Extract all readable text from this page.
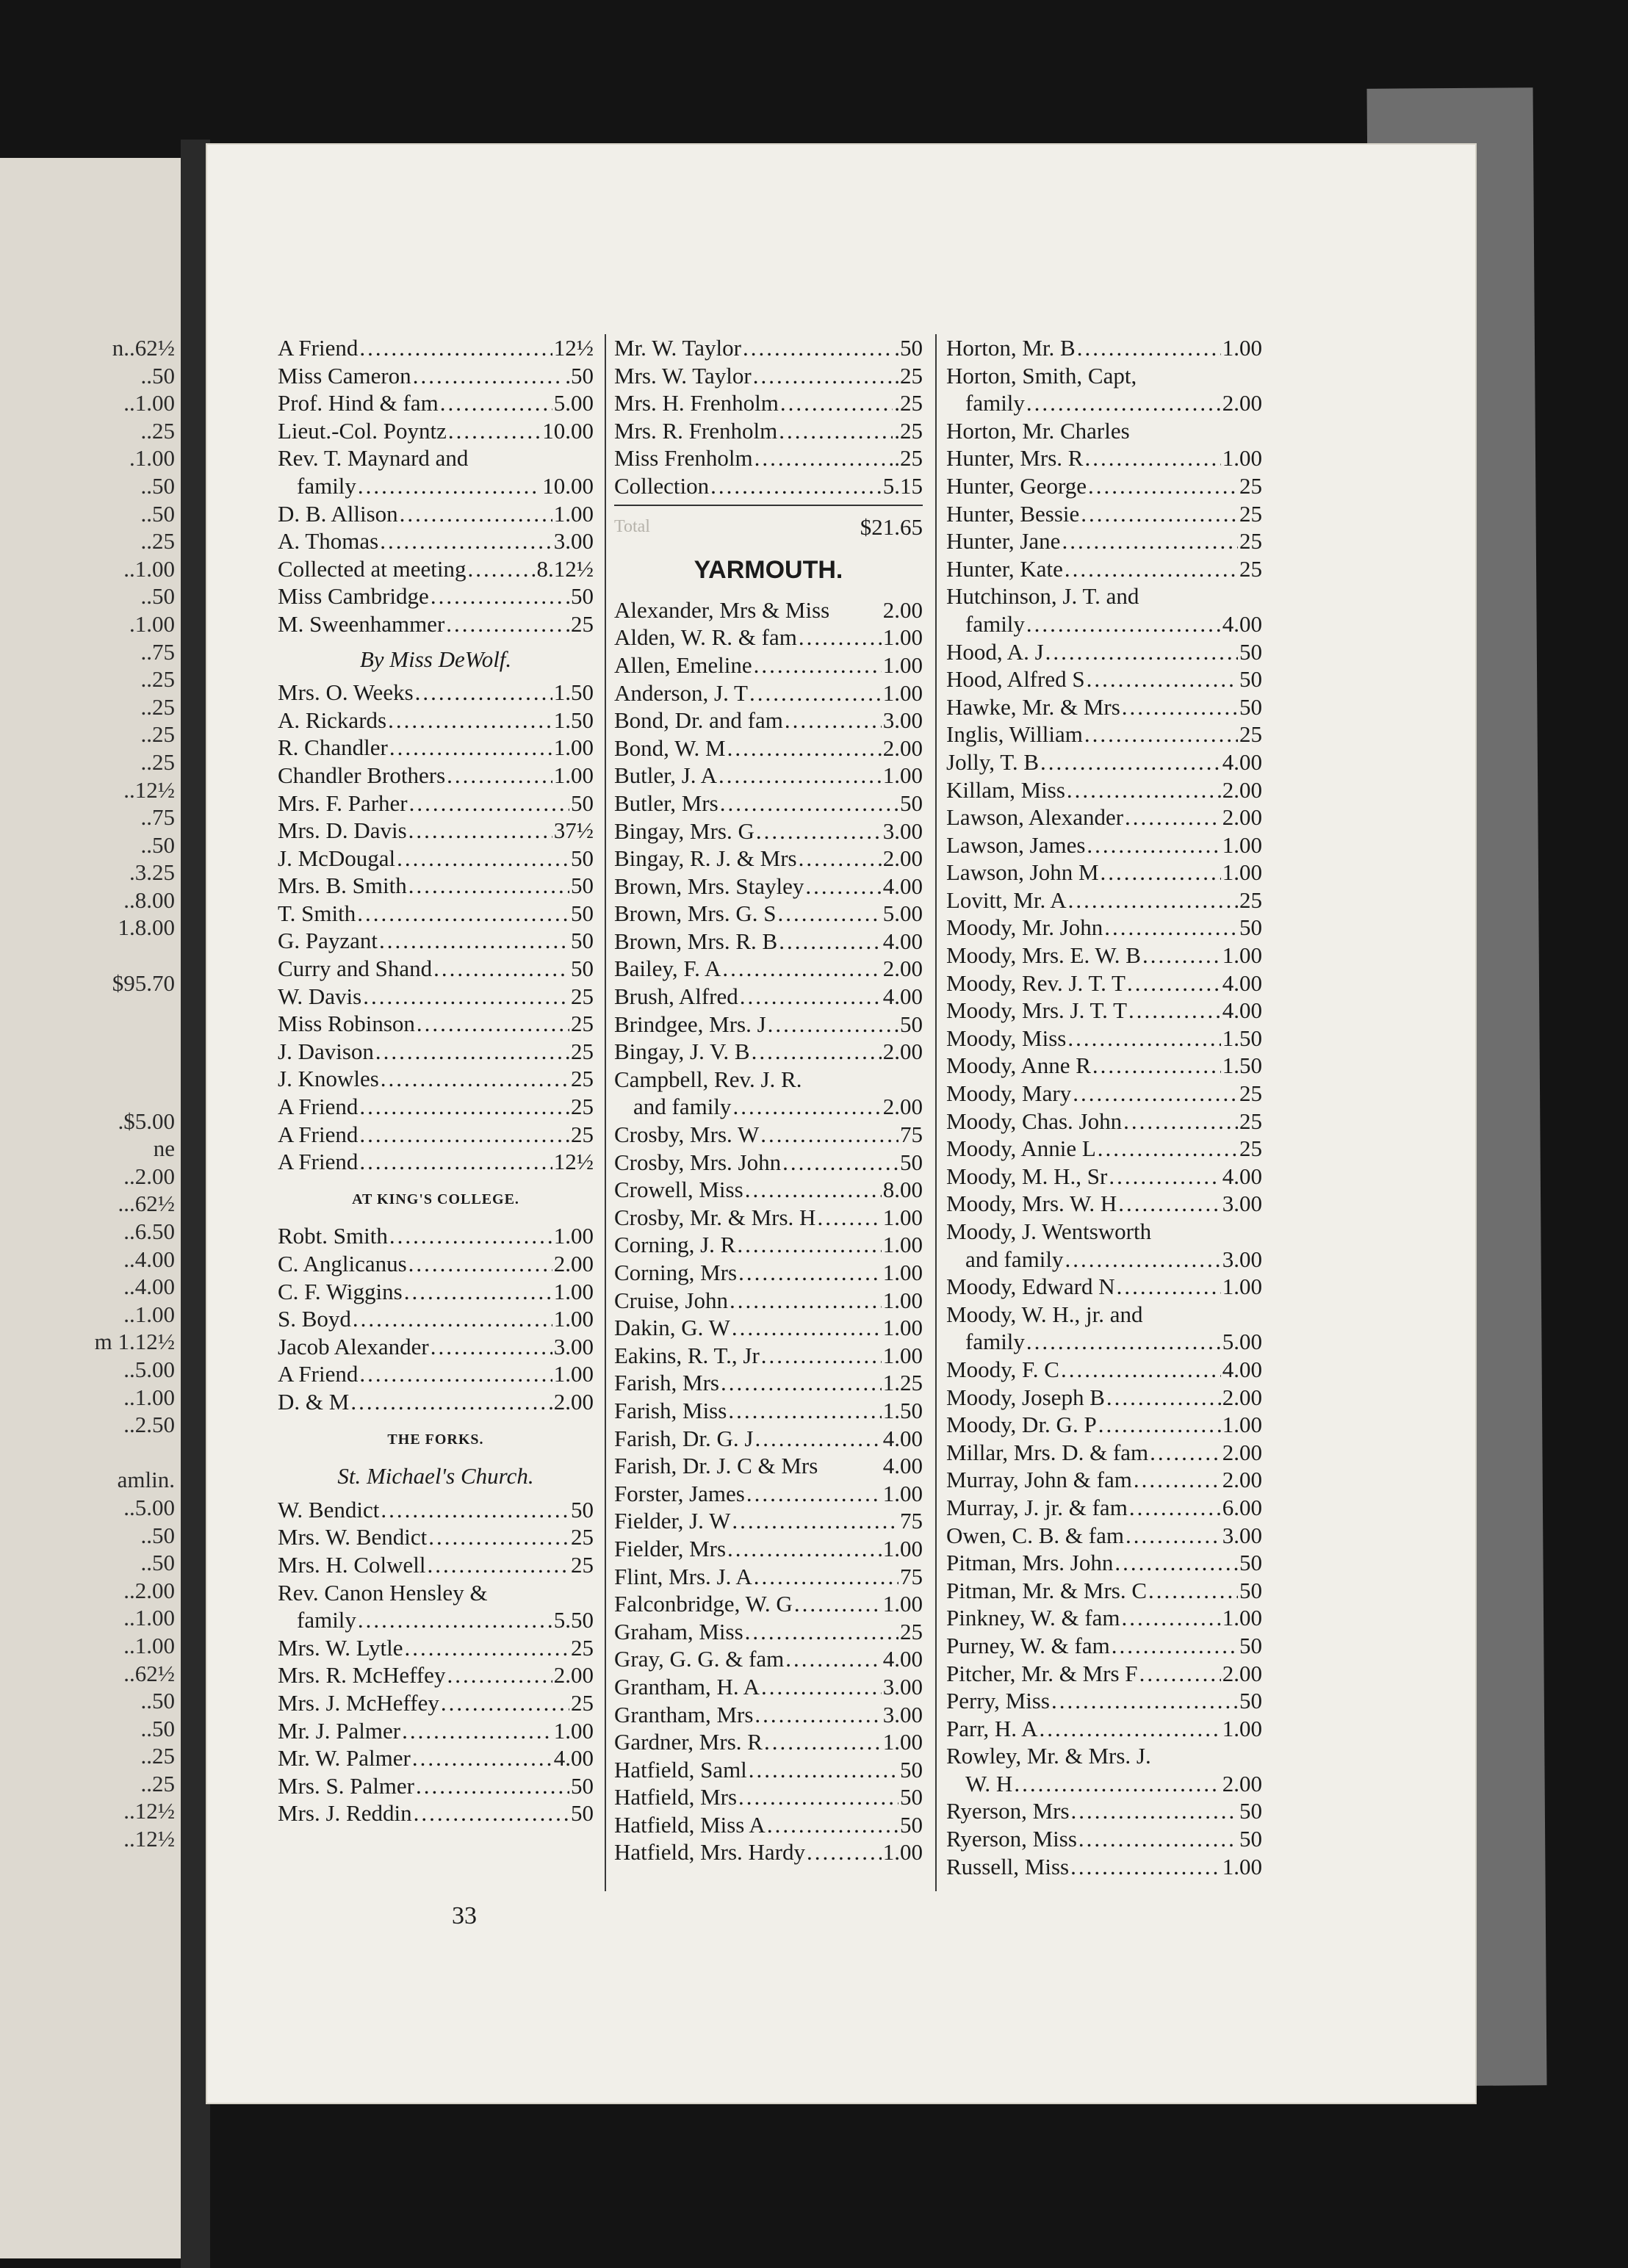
n..62½
..50
..1.00
..25
.1.00
..50
..50
..25
..1.00
..50
.1.00
..75
..25
..25
..25
..25
..12½
..75
..50
.3.25
..8.00
1.8.00

$95.70

.$5.00
ne
..2.00
...62½
..6.50
..4.00
..4.00
..1.00
m 1.12½
..5.00
..1.00
..2.50

amlin.
..5.00
..50
..50
..2.00
..1.00
..1.00
..62½
..50
..50
..25
..25
..12½
..12½
A Friend .....	12½
Miss Cameron .....	.50
Prof. Hind & fam .....	5.00
Lieut.-Col. Poyntz .....	10.00
Rev. T. Maynard and
family .....	10.00
D. B. Allison .....	1.00
A. Thomas .....	3.00
Collected at meeting .....	8.12½
Miss Cambridge .....	.50
M. Sweenhammer .....	.25
By Miss DeWolf.
Mrs. O. Weeks .....	1.50
A. Rickards .....	1.50
R. Chandler .....	1.00
Chandler Brothers .....	1.00
Mrs. F. Parher .....	50
Mrs. D. Davis .....	37½
J. McDougal .....	50
Mrs. B. Smith .....	50
T. Smith .....	50
G. Payzant .....	50
Curry and Shand .....	50
W. Davis .....	25
Miss Robinson .....	25
J. Davison .....	25
J. Knowles .....	25
A Friend .....	25
A Friend .....	25
A Friend .....	12½
AT KING'S COLLEGE.
Robt. Smith .....	1.00
C. Anglicanus .....	2.00
C. F. Wiggins .....	1.00
S. Boyd .....	1.00
Jacob Alexander .....	3.00
A Friend .....	1.00
D. & M .....	2.00
THE FORKS.
St. Michael's Church.
W. Bendict .....	50
Mrs. W. Bendict .....	25
Mrs. H. Colwell .....	25
Rev. Canon Hensley &
family .....	5.50
Mrs. W. Lytle .....	25
Mrs. R. McHeffey .....	2.00
Mrs. J. McHeffey .....	25
Mr. J. Palmer .....	1.00
Mr. W. Palmer .....	4.00
Mrs. S. Palmer .....	50
Mrs. J. Reddin .....	50
Mr. W. Taylor .....	.50
Mrs. W. Taylor .....	.25
Mrs. H. Frenholm .....	.25
Mrs. R. Frenholm .....	.25
Miss Frenholm .....	.25
Collection .....	5.15
Total	$21.65
YARMOUTH.
Alexander, Mrs & Miss 2.00
Alden, W. R. & fam .....	1.00
Allen, Emeline .....	1.00
Anderson, J. T .....	1.00
Bond, Dr. and fam .....	3.00
Bond, W. M .....	2.00
Butler, J. A .....	1.00
Butler, Mrs .....	50
Bingay, Mrs. G .....	3.00
Bingay, R. J. & Mrs .....	2.00
Brown, Mrs. Stayley .....	4.00
Brown, Mrs. G. S .....	5.00
Brown, Mrs. R. B .....	4.00
Bailey, F. A .....	2.00
Brush, Alfred .....	4.00
Brindgee, Mrs. J .....	50
Bingay, J. V. B .....	2.00
Campbell, Rev. J. R.
and family .....	2.00
Crosby, Mrs. W .....	75
Crosby, Mrs. John .....	50
Crowell, Miss .....	8.00
Crosby, Mr. & Mrs. H .....	1.00
Corning, J. R .....	1.00
Corning, Mrs .....	1.00
Cruise, John .....	1.00
Dakin, G. W .....	1.00
Eakins, R. T., Jr .....	1.00
Farish, Mrs .....	1.25
Farish, Miss .....	1.50
Farish, Dr. G. J .....	4.00
Farish, Dr. J. C & Mrs	4.00
Forster, James .....	1.00
Fielder, J. W .....	75
Fielder, Mrs .....	1.00
Flint, Mrs. J. A .....	75
Falconbridge, W. G .....	1.00
Graham, Miss .....	25
Gray, G. G. & fam .....	4.00
Grantham, H. A .....	3.00
Grantham, Mrs .....	3.00
Gardner, Mrs. R .....	1.00
Hatfield, Saml .....	50
Hatfield, Mrs .....	50
Hatfield, Miss A .....	50
Hatfield, Mrs. Hardy .....	1.00
Horton, Mr. B .....	1.00
Horton, Smith, Capt,
family .....	2.00
Horton, Mr. Charles
Hunter, Mrs. R .....	1.00
Hunter, George .....	25
Hunter, Bessie .....	25
Hunter, Jane .....	25
Hunter, Kate .....	25
Hutchinson, J. T. and
family .....	4.00
Hood, A. J .....	50
Hood, Alfred S .....	50
Hawke, Mr. & Mrs .....	50
Inglis, William .....	25
Jolly, T. B .....	4.00
Killam, Miss .....	2.00
Lawson, Alexander .....	2.00
Lawson, James .....	1.00
Lawson, John M .....	1.00
Lovitt, Mr. A .....	25
Moody, Mr. John .....	50
Moody, Mrs. E. W. B .....	1.00
Moody, Rev. J. T. T .....	4.00
Moody, Mrs. J. T. T .....	4.00
Moody, Miss .....	1.50
Moody, Anne R .....	1.50
Moody, Mary .....	25
Moody, Chas. John .....	25
Moody, Annie L .....	25
Moody, M. H., Sr .....	4.00
Moody, Mrs. W. H .....	3.00
Moody, J. Wentsworth
and family .....	3.00
Moody, Edward N .....	1.00
Moody, W. H., jr. and
family .....	5.00
Moody, F. C .....	4.00
Moody, Joseph B .....	2.00
Moody, Dr. G. P .....	1.00
Millar, Mrs. D. & fam .....	2.00
Murray, John & fam .....	2.00
Murray, J. jr. & fam .....	6.00
Owen, C. B. & fam .....	3.00
Pitman, Mrs. John .....	50
Pitman, Mr. & Mrs. C .....	50
Pinkney, W. & fam .....	1.00
Purney, W. & fam .....	50
Pitcher, Mr. & Mrs F .....	2.00
Perry, Miss .....	50
Parr, H. A .....	1.00
Rowley, Mr. & Mrs. J.
W. H .....	2.00
Ryerson, Mrs .....	50
Ryerson, Miss .....	50
Russell, Miss .....	1.00
33
